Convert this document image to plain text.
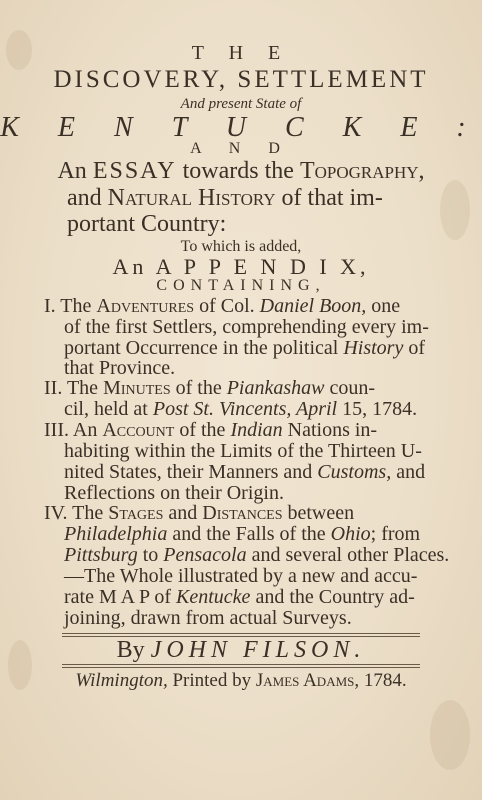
T H E
DISCOVERY, SETTLEMENT
And present State of
K E N T U C K E :
A N D
An ESSAY towards the Topography,
and Natural History of that im-
portant Country:
To which is added,
An A P P E N D I X,
CONTAINING,
I. The Adventures of Col. Daniel Boon, one
of the first Settlers, comprehending every im-
portant Occurrence in the political History of
that Province.
II. The Minutes of the Piankashaw coun-
cil, held at Post St. Vincents, April 15, 1784.
III. An Account of the Indian Nations in-
habiting within the Limits of the Thirteen U-
nited States, their Manners and Customs, and
Reflections on their Origin.
IV. The Stages and Distances between
Philadelphia and the Falls of the Ohio; from
Pittsburg to Pensacola and several other Places.
—The Whole illustrated by a new and accu-
rate M A P of Kentucke and the Country ad-
joining, drawn from actual Surveys.
By JOHN FILSON.
Wilmington, Printed by James Adams, 1784.
